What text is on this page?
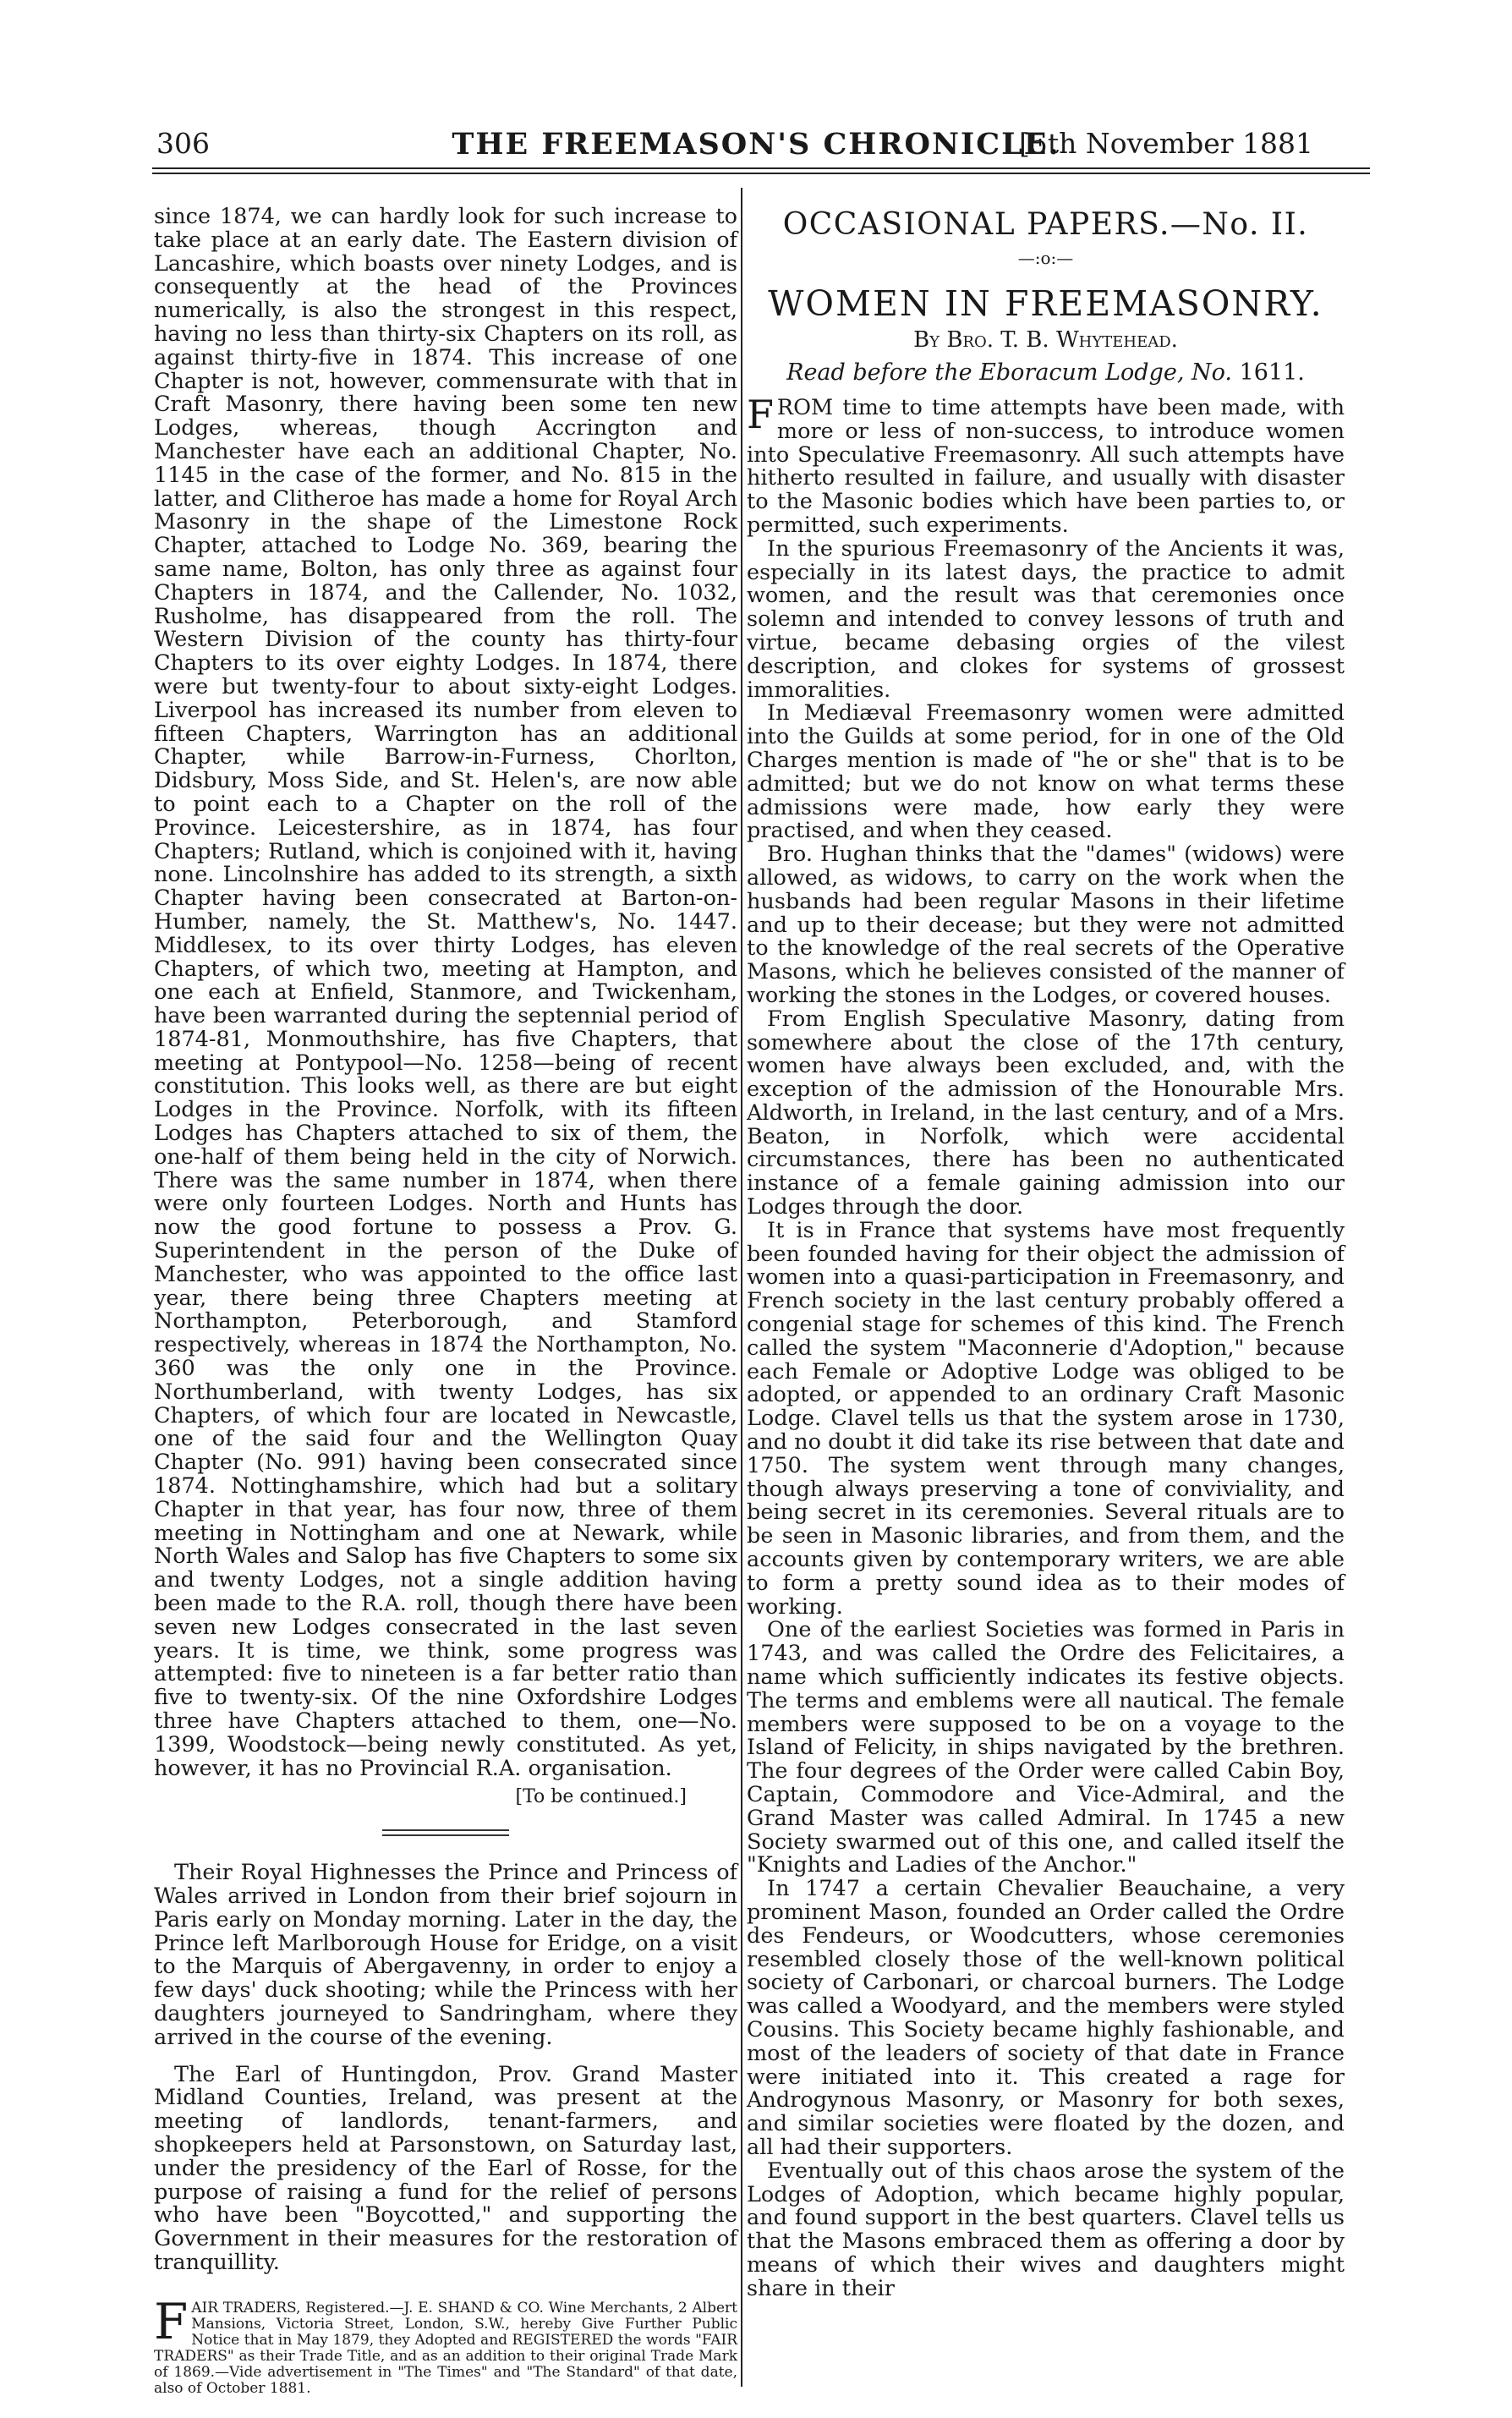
306	THE FREEMASON'S CHRONICLE.
[5th November 1881

since 1874, we can hardly look for such increase to take place at an early date. The Eastern division of Lancashire, which boasts over ninety Lodges, and is consequently at the head of the Provinces numerically, is also the strongest in this respect, having no less than thirty-six Chapters on its roll, as against thirty-five in 1874. This increase of one Chapter is not, however, commensurate with that in Craft Masonry, there having been some ten new Lodges, whereas, though Accrington and Manchester have each an additional Chapter, No. 1145 in the case of the former, and No. 815 in the latter, and Clitheroe has made a home for Royal Arch Masonry in the shape of the Limestone Rock Chapter, attached to Lodge No. 369, bearing the same name, Bolton, has only three as against four Chapters in 1874, and the Callender, No. 1032, Rusholme, has disappeared from the roll. The Western Division of the county has thirty-four Chapters to its over eighty Lodges. In 1874, there were but twenty-four to about sixty-eight Lodges. Liverpool has increased its number from eleven to fifteen Chapters, Warrington has an additional Chapter, while Barrow-in-Furness, Chorlton, Didsbury, Moss Side, and St. Helen's, are now able to point each to a Chapter on the roll of the Province. Leicestershire, as in 1874, has four Chapters; Rutland, which is conjoined with it, having none. Lincolnshire has added to its strength, a sixth Chapter having been consecrated at Barton-on-Humber, namely, the St. Matthew's, No. 1447. Middlesex, to its over thirty Lodges, has eleven Chapters, of which two, meeting at Hampton, and one each at Enfield, Stanmore, and Twickenham, have been warranted during the septennial period of 1874-81, Monmouthshire, has five Chapters, that meeting at Pontypool—No. 1258—being of recent constitution. This looks well, as there are but eight Lodges in the Province. Norfolk, with its fifteen Lodges has Chapters attached to six of them, the one-half of them being held in the city of Norwich. There was the same number in 1874, when there were only fourteen Lodges. North and Hunts has now the good fortune to possess a Prov. G. Superintendent in the person of the Duke of Manchester, who was appointed to the office last year, there being three Chapters meeting at Northampton, Peterborough, and Stamford respectively, whereas in 1874 the Northampton, No. 360 was the only one in the Province. Northumberland, with twenty Lodges, has six Chapters, of which four are located in Newcastle, one of the said four and the Wellington Quay Chapter (No. 991) having been consecrated since 1874. Nottinghamshire, which had but a solitary Chapter in that year, has four now, three of them meeting in Nottingham and one at Newark, while North Wales and Salop has five Chapters to some six and twenty Lodges, not a single addition having been made to the R.A. roll, though there have been seven new Lodges consecrated in the last seven years. It is time, we think, some progress was attempted: five to nineteen is a far better ratio than five to twenty-six. Of the nine Oxfordshire Lodges three have Chapters attached to them, one—No. 1399, Woodstock—being newly constituted. As yet, however, it has no Provincial R.A. organisation.

[To be continued.]

Their Royal Highnesses the Prince and Princess of Wales arrived in London from their brief sojourn in Paris early on Monday morning. Later in the day, the Prince left Marlborough House for Eridge, on a visit to the Marquis of Abergavenny, in order to enjoy a few days' duck shooting; while the Princess with her daughters journeyed to Sandringham, where they arrived in the course of the evening.

The Earl of Huntingdon, Prov. Grand Master Midland Counties, Ireland, was present at the meeting of landlords, tenant-farmers, and shopkeepers held at Parsonstown, on Saturday last, under the presidency of the Earl of Rosse, for the purpose of raising a fund for the relief of persons who have been "Boycotted," and supporting the Government in their measures for the restoration of tranquillity.

F AIR TRADERS, Registered.—J. E. SHAND & CO. Wine Merchants, 2 Albert Mansions, Victoria Street, London, S.W., hereby Give Further Public Notice that in May 1879, they Adopted and REGISTERED the words "FAIR TRADERS" as their Trade Title, and as an addition to their original Trade Mark of 1869.—Vide advertisement in "The Times" and "The Standard" of that date, also of October 1881.
OCCASIONAL PAPERS.—No. II.
—:o:—
WOMEN IN FREEMASONRY.
By Bro. T. B. Whytehead.
Read before the Eboracum Lodge, No. 1611.

FROM time to time attempts have been made, with more or less of non-success, to introduce women into Speculative Freemasonry. All such attempts have hitherto resulted in failure, and usually with disaster to the Masonic bodies which have been parties to, or permitted, such experiments.

In the spurious Freemasonry of the Ancients it was, especially in its latest days, the practice to admit women, and the result was that ceremonies once solemn and intended to convey lessons of truth and virtue, became debasing orgies of the vilest description, and clokes for systems of grossest immoralities.

In Mediæval Freemasonry women were admitted into the Guilds at some period, for in one of the Old Charges mention is made of "he or she" that is to be admitted; but we do not know on what terms these admissions were made, how early they were practised, and when they ceased.

Bro. Hughan thinks that the "dames" (widows) were allowed, as widows, to carry on the work when the husbands had been regular Masons in their lifetime and up to their decease; but they were not admitted to the knowledge of the real secrets of the Operative Masons, which he believes consisted of the manner of working the stones in the Lodges, or covered houses.

From English Speculative Masonry, dating from somewhere about the close of the 17th century, women have always been excluded, and, with the exception of the admission of the Honourable Mrs. Aldworth, in Ireland, in the last century, and of a Mrs. Beaton, in Norfolk, which were accidental circumstances, there has been no authenticated instance of a female gaining admission into our Lodges through the door.

It is in France that systems have most frequently been founded having for their object the admission of women into a quasi-participation in Freemasonry, and French society in the last century probably offered a congenial stage for schemes of this kind. The French called the system "Maconnerie d'Adoption," because each Female or Adoptive Lodge was obliged to be adopted, or appended to an ordinary Craft Masonic Lodge. Clavel tells us that the system arose in 1730, and no doubt it did take its rise between that date and 1750. The system went through many changes, though always preserving a tone of conviviality, and being secret in its ceremonies. Several rituals are to be seen in Masonic libraries, and from them, and the accounts given by contemporary writers, we are able to form a pretty sound idea as to their modes of working.

One of the earliest Societies was formed in Paris in 1743, and was called the Ordre des Felicitaires, a name which sufficiently indicates its festive objects. The terms and emblems were all nautical. The female members were supposed to be on a voyage to the Island of Felicity, in ships navigated by the brethren. The four degrees of the Order were called Cabin Boy, Captain, Commodore and Vice-Admiral, and the Grand Master was called Admiral. In 1745 a new Society swarmed out of this one, and called itself the "Knights and Ladies of the Anchor."

In 1747 a certain Chevalier Beauchaine, a very prominent Mason, founded an Order called the Ordre des Fendeurs, or Woodcutters, whose ceremonies resembled closely those of the well-known political society of Carbonari, or charcoal burners. The Lodge was called a Woodyard, and the members were styled Cousins. This Society became highly fashionable, and most of the leaders of society of that date in France were initiated into it. This created a rage for Androgynous Masonry, or Masonry for both sexes, and similar societies were floated by the dozen, and all had their supporters.

Eventually out of this chaos arose the system of the Lodges of Adoption, which became highly popular, and found support in the best quarters. Clavel tells us that the Masons embraced them as offering a door by means of which their wives and daughters might share in their
